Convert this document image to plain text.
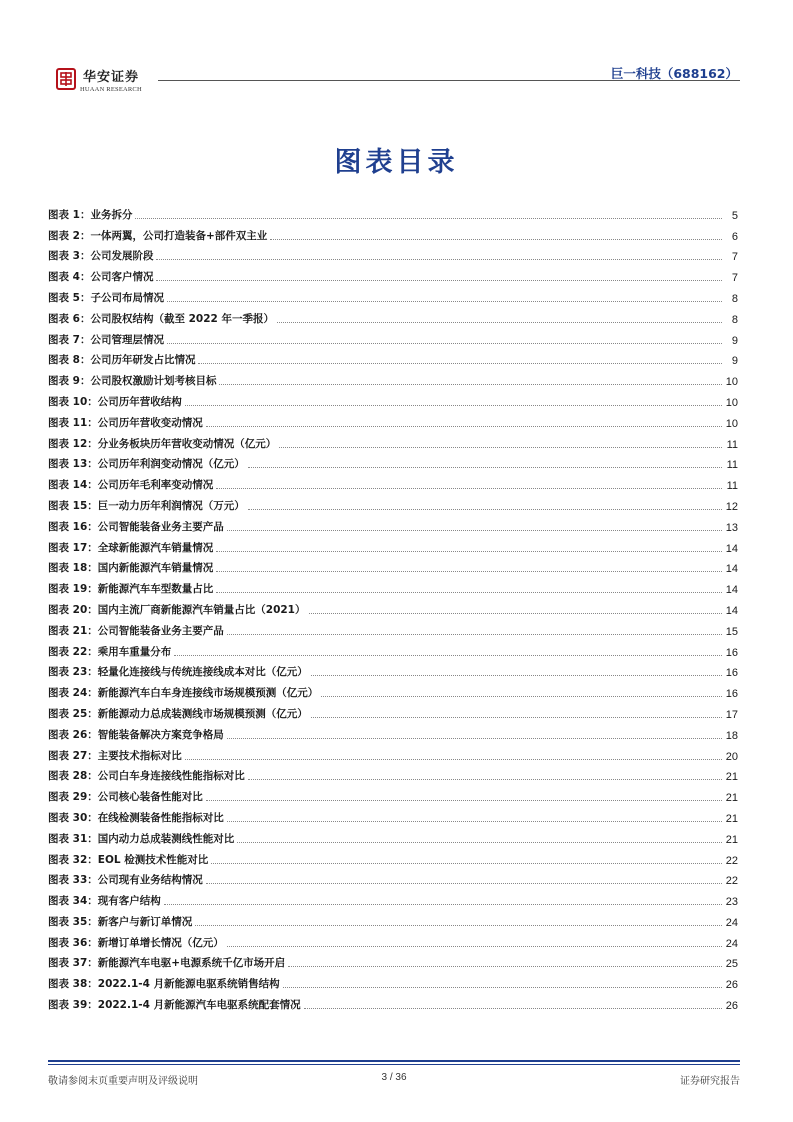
华安证券
HUAAN RESEARCH
巨一科技（688162）
图表目录
图表 1：业务拆分	5
图表 2：一体两翼，公司打造装备+部件双主业	6
图表 3：公司发展阶段	7
图表 4：公司客户情况	7
图表 5：子公司布局情况	8
图表 6：公司股权结构（截至 2022 年一季报）	8
图表 7：公司管理层情况	9
图表 8：公司历年研发占比情况	9
图表 9：公司股权激励计划考核目标	10
图表 10：公司历年营收结构	10
图表 11：公司历年营收变动情况	10
图表 12：分业务板块历年营收变动情况（亿元）	11
图表 13：公司历年利润变动情况（亿元）	11
图表 14：公司历年毛利率变动情况	11
图表 15：巨一动力历年利润情况（万元）	12
图表 16：公司智能装备业务主要产品	13
图表 17：全球新能源汽车销量情况	14
图表 18：国内新能源汽车销量情况	14
图表 19：新能源汽车车型数量占比	14
图表 20：国内主流厂商新能源汽车销量占比（2021）	14
图表 21：公司智能装备业务主要产品	15
图表 22：乘用车重量分布	16
图表 23：轻量化连接线与传统连接线成本对比（亿元）	16
图表 24：新能源汽车白车身连接线市场规模预测（亿元）	16
图表 25：新能源动力总成装测线市场规模预测（亿元）	17
图表 26：智能装备解决方案竞争格局	18
图表 27：主要技术指标对比	20
图表 28：公司白车身连接线性能指标对比	21
图表 29：公司核心装备性能对比	21
图表 30：在线检测装备性能指标对比	21
图表 31：国内动力总成装测线性能对比	21
图表 32：EOL 检测技术性能对比	22
图表 33：公司现有业务结构情况	22
图表 34：现有客户结构	23
图表 35：新客户与新订单情况	24
图表 36：新增订单增长情况（亿元）	24
图表 37：新能源汽车电驱+电源系统千亿市场开启	25
图表 38：2022.1-4 月新能源电驱系统销售结构	26
图表 39：2022.1-4 月新能源汽车电驱系统配套情况	26
敬请参阅末页重要声明及评级说明	3 / 36	证券研究报告
